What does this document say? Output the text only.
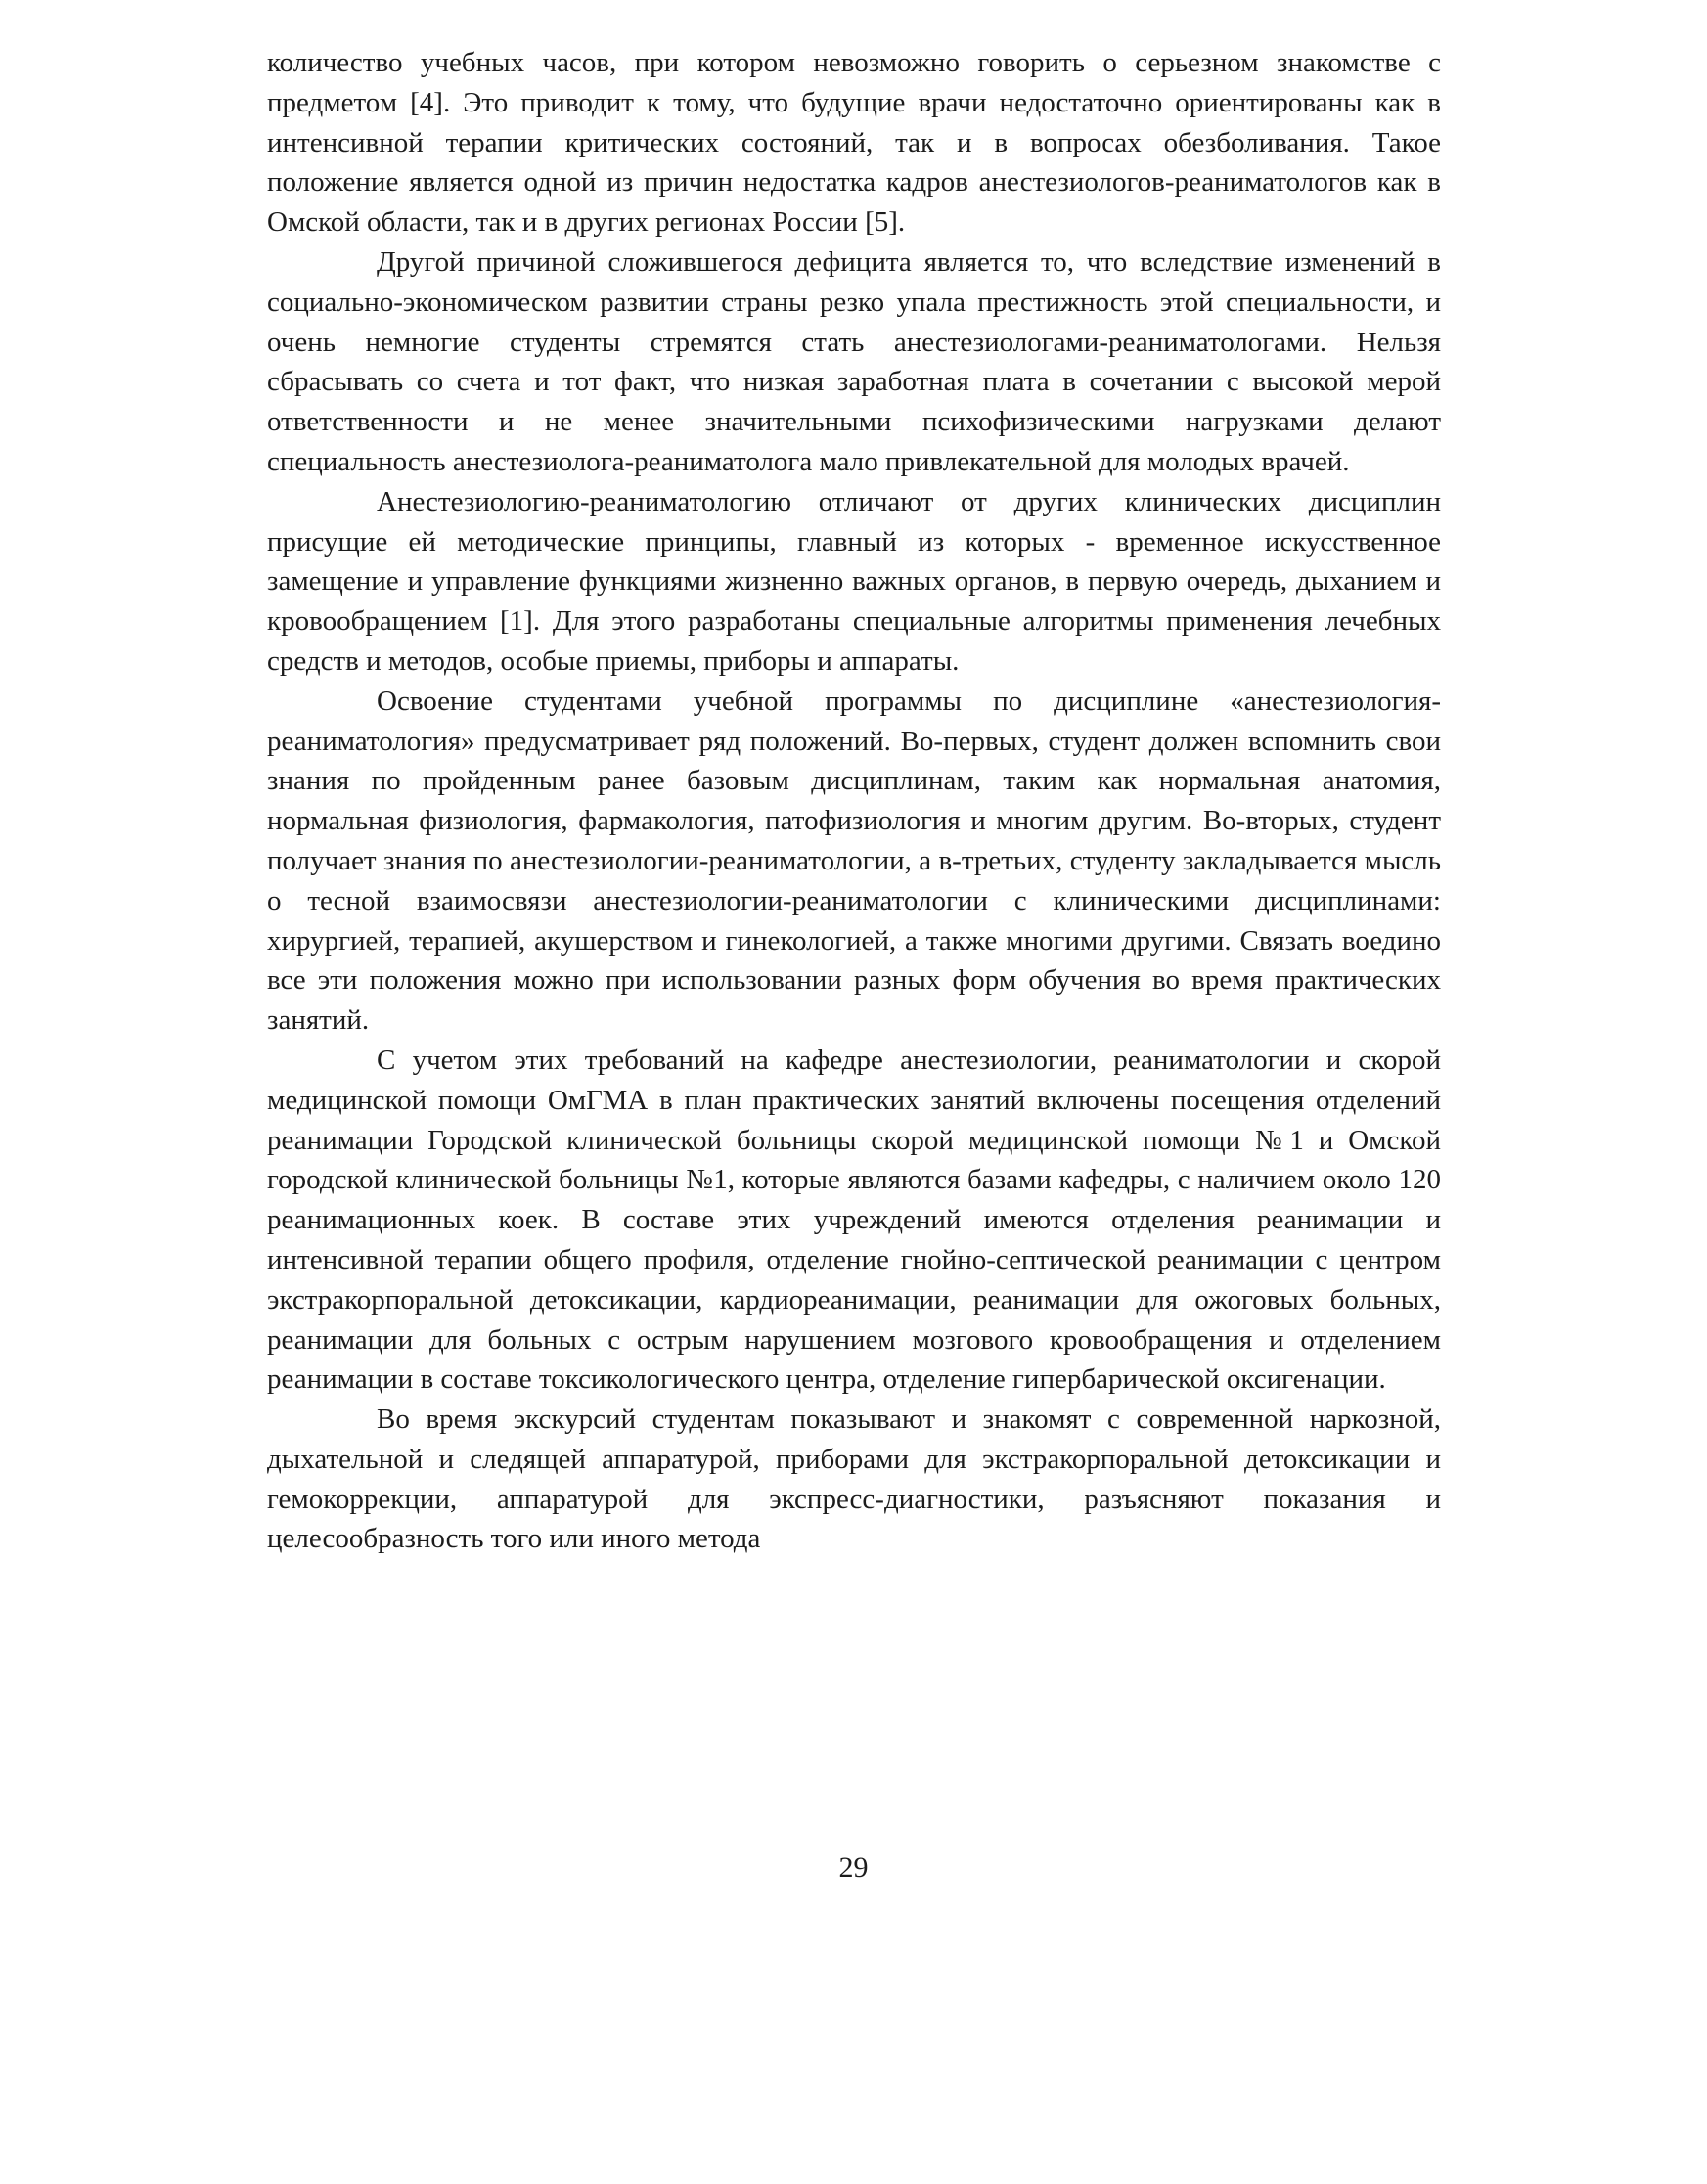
количество учебных часов, при котором невозможно говорить о серьезном знакомстве с предметом [4]. Это приводит к тому, что будущие врачи недостаточно ориентированы как в интенсивной терапии критических состояний, так и в вопросах обезболивания. Такое положение является одной из причин недостатка кадров анестезиологов-реаниматологов как в Омской области, так и в других регионах России [5].

Другой причиной сложившегося дефицита является то, что вследствие изменений в социально-экономическом развитии страны резко упала престижность этой специальности, и очень немногие студенты стремятся стать анестезиологами-реаниматологами. Нельзя сбрасывать со счета и тот факт, что низкая заработная плата в сочетании с высокой мерой ответственности и не менее значительными психофизическими нагрузками делают специальность анестезиолога-реаниматолога мало привлекательной для молодых врачей.

Анестезиологию-реаниматологию отличают от других клинических дисциплин присущие ей методические принципы, главный из которых - временное искусственное замещение и управление функциями жизненно важных органов, в первую очередь, дыханием и кровообращением [1]. Для этого разработаны специальные алгоритмы применения лечебных средств и методов, особые приемы, приборы и аппараты.

Освоение студентами учебной программы по дисциплине «анестезиология-реаниматология» предусматривает ряд положений. Во-первых, студент должен вспомнить свои знания по пройденным ранее базовым дисциплинам, таким как нормальная анатомия, нормальная физиология, фармакология, патофизиология и многим другим. Во-вторых, студент получает знания по анестезиологии-реаниматологии, а в-третьих, студенту закладывается мысль о тесной взаимосвязи анестезиологии-реаниматологии с клиническими дисциплинами: хирургией, терапией, акушерством и гинекологией, а также многими другими. Связать воедино все эти положения можно при использовании разных форм обучения во время практических занятий.

С учетом этих требований на кафедре анестезиологии, реаниматологии и скорой медицинской помощи ОмГМА в план практических занятий включены посещения отделений реанимации Городской клинической больницы скорой медицинской помощи №1 и Омской городской клинической больницы №1, которые являются базами кафедры, с наличием около 120 реанимационных коек. В составе этих учреждений имеются отделения реанимации и интенсивной терапии общего профиля, отделение гнойно-септической реанимации с центром экстракорпоральной детоксикации, кардиореанимации, реанимации для ожоговых больных, реанимации для больных с острым нарушением мозгового кровообращения и отделением реанимации в составе токсикологического центра, отделение гипербарической оксигенации.

Во время экскурсий студентам показывают и знакомят с современной наркозной, дыхательной и следящей аппаратурой, приборами для экстракорпоральной детоксикации и гемокоррекции, аппаратурой для экспресс-диагностики, разъясняют показания и целесообразность того или иного метода

29
